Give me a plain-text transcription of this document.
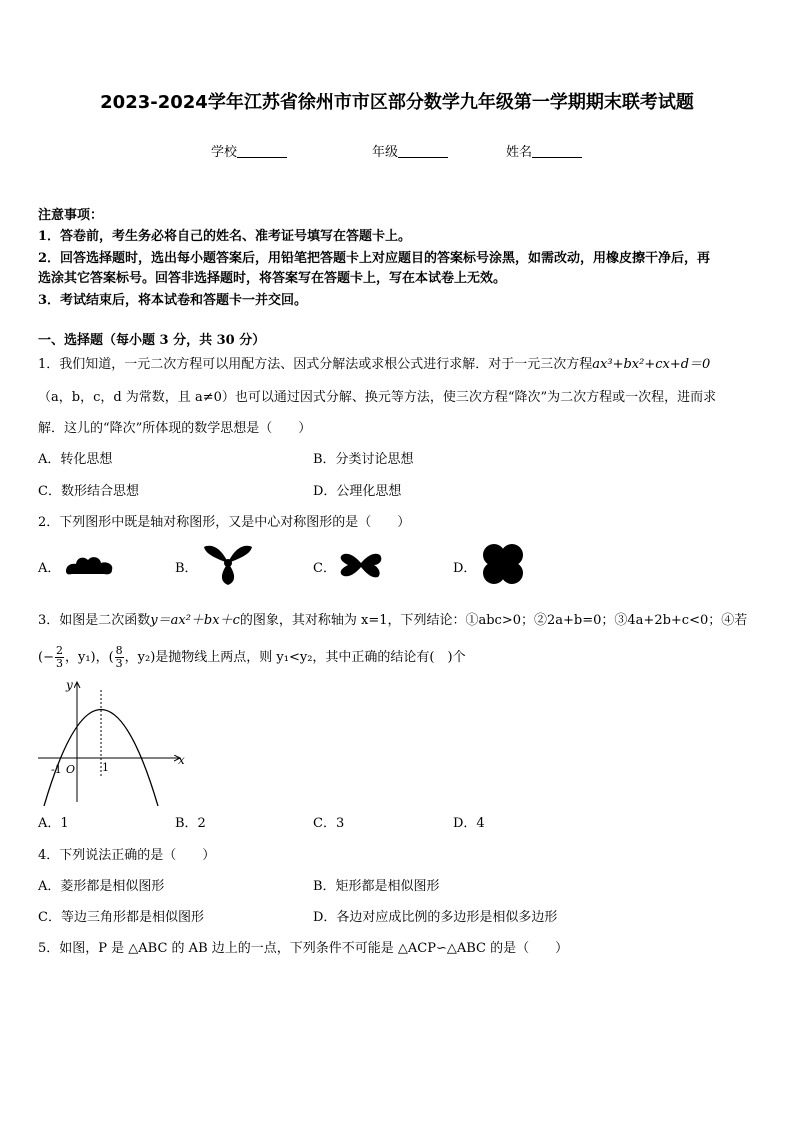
2023-2024学年江苏省徐州市市区部分数学九年级第一学期期末联考试题
学校	年级	姓名
注意事项：
1．答卷前，考生务必将自己的姓名、准考证号填写在答题卡上。
2．回答选择题时，选出每小题答案后，用铅笔把答题卡上对应题目的答案标号涂黑，如需改动，用橡皮擦干净后，再
选涂其它答案标号。回答非选择题时，将答案写在答题卡上，写在本试卷上无效。
3．考试结束后，将本试卷和答题卡一并交回。
一、选择题（每小题 3 分，共 30 分）
1．我们知道，一元二次方程可以用配方法、因式分解法或求根公式进行求解．对于一元三次方程ax³+bx²+cx+d＝0
（a，b，c，d 为常数，且 a≠0）也可以通过因式分解、换元等方法，使三次方程“降次”为二次方程或一次程，进而求
解．这儿的“降次”所体现的数学思想是（　　）
A．转化思想	B．分类讨论思想
C．数形结合思想	D．公理化思想
2．下列图形中既是轴对称图形，又是中心对称图形的是（　　）
A．	B．	C．	D．
3．如图是二次函数y＝ax²＋bx＋c的图象，其对称轴为 x=1，下列结论：①abc>0；②2a+b=0；③4a+2b+c<0；④若
(− $\frac{2}{3}$ ，y₁)，( $\frac{8}{3}$ ，y₂)是抛物线上两点，则 y₁<y₂，其中正确的结论有(　)个
y
x
-1 O 1
A．1	B．2	C．3	D．4
4．下列说法正确的是（　　）
A．菱形都是相似图形	B．矩形都是相似图形
C．等边三角形都是相似图形	D．各边对应成比例的多边形是相似多边形
5．如图，P 是 △ABC 的 AB 边上的一点，下列条件不可能是 △ACP∽△ABC 的是（　　）
